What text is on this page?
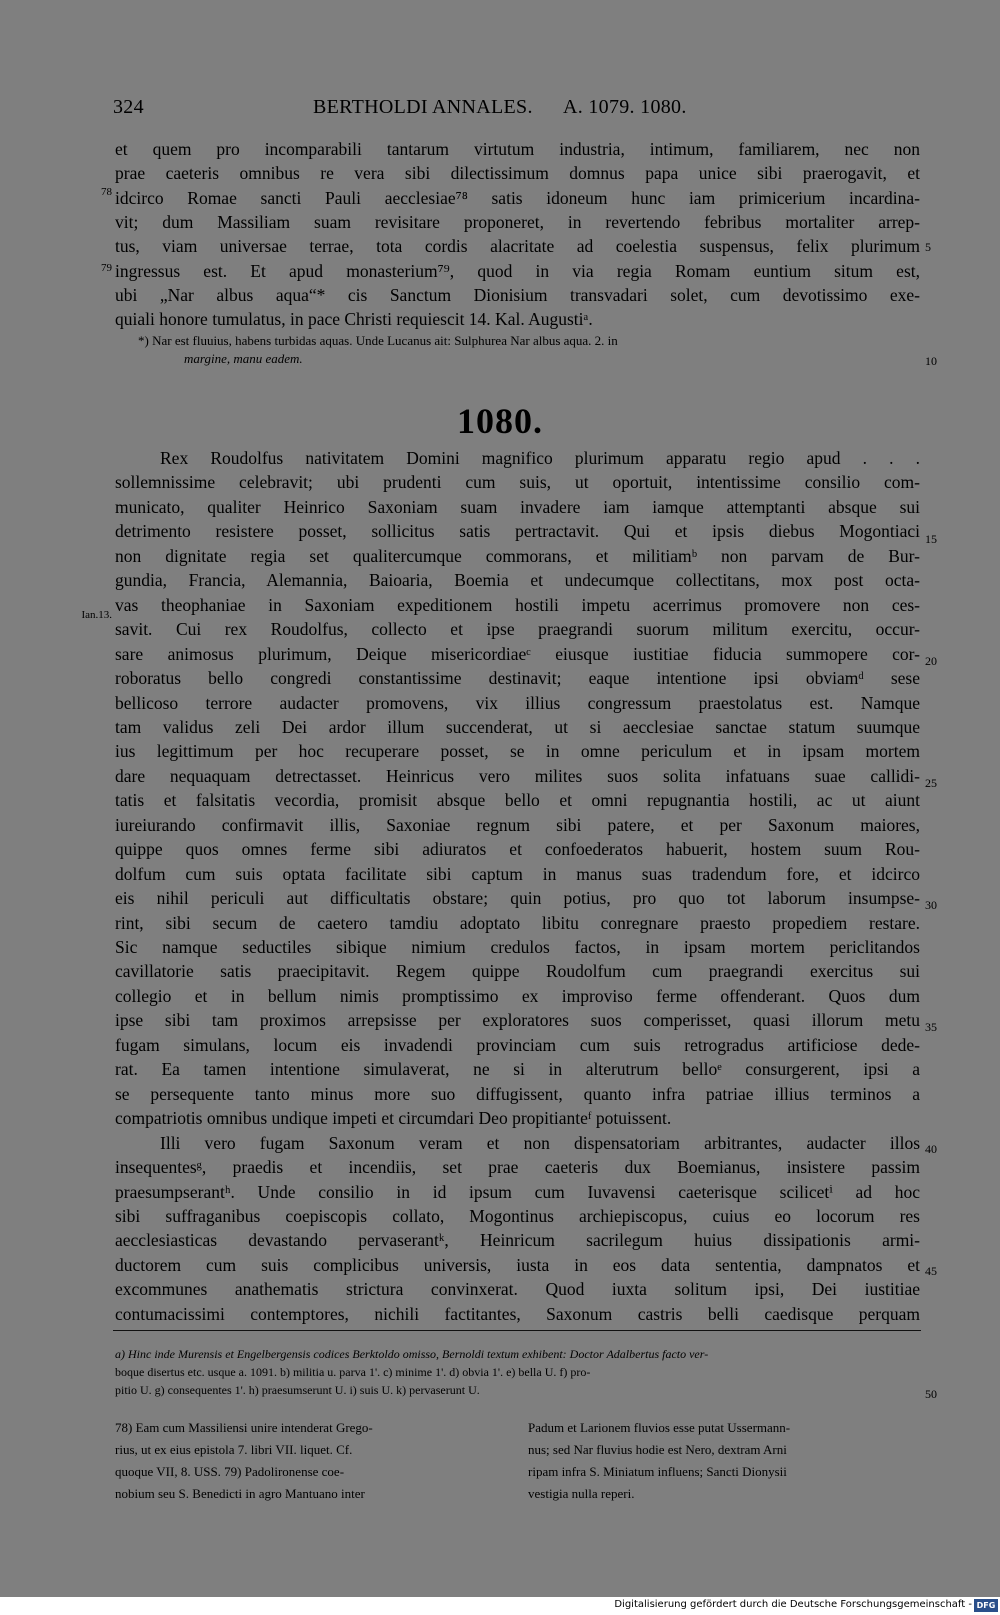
324	BERTHOLDI ANNALES. A. 1079. 1080.
et quem pro incomparabili tantarum virtutum industria, intimum, familiarem, nec non
prae caeteris omnibus re vera sibi dilectissimum domnus papa unice sibi praerogavit, et
idcirco Romae sancti Pauli aecclesiae⁷⁸ satis idoneum hunc iam primicerium incardina-
vit; dum Massiliam suam revisitare proponeret, in revertendo febribus mortaliter arrep-
tus, viam universae terrae, tota cordis alacritate ad coelestia suspensus, felix plurimum
ingressus est. Et apud monasterium⁷⁹, quod in via regia Romam euntium situm est,
ubi „Nar albus aqua“* cis Sanctum Dionisium transvadari solet, cum devotissimo exe-
quiali honore tumulatus, in pace Christi requiescit 14. Kal. Augustiᵃ.
78
79
5
*) Nar est fluuius, habens turbidas aquas. Unde Lucanus ait: Sulphurea Nar albus aqua. 2. in
margine, manu eadem.	10
1080.
Rex Roudolfus nativitatem Domini magnifico plurimum apparatu regio apud . . .
sollemnissime celebravit; ubi prudenti cum suis, ut oportuit, intentissime consilio com-
municato, qualiter Heinrico Saxoniam suam invadere iam iamque attemptanti absque sui
detrimento resistere posset, sollicitus satis pertractavit. Qui et ipsis diebus Mogontiaci
non dignitate regia set qualitercumque commorans, et militiamᵇ non parvam de Bur-
gundia, Francia, Alemannia, Baioaria, Boemia et undecumque collectitans, mox post octa-
vas theophaniae in Saxoniam expeditionem hostili impetu acerrimus promovere non ces-
savit. Cui rex Roudolfus, collecto et ipse praegrandi suorum militum exercitu, occur-
sare animosus plurimum, Deique misericordiaeᶜ eiusque iustitiae fiducia summopere cor-
roboratus bello congredi constantissime destinavit; eaque intentione ipsi obviamᵈ sese
bellicoso terrore audacter promovens, vix illius congressum praestolatus est. Namque
tam validus zeli Dei ardor illum succenderat, ut si aecclesiae sanctae statum suumque
ius legittimum per hoc recuperare posset, se in omne periculum et in ipsam mortem
dare nequaquam detrectasset. Heinricus vero milites suos solita infatuans suae callidi-
tatis et falsitatis vecordia, promisit absque bello et omni repugnantia hostili, ac ut aiunt
iureiurando confirmavit illis, Saxoniae regnum sibi patere, et per Saxonum maiores,
quippe quos omnes ferme sibi adiuratos et confoederatos habuerit, hostem suum Rou-
dolfum cum suis optata facilitate sibi captum in manus suas tradendum fore, et idcirco
eis nihil periculi aut difficultatis obstare; quin potius, pro quo tot laborum insumpse-
rint, sibi secum de caetero tamdiu adoptato libitu conregnare praesto propediem restare.
Sic namque seductiles sibique nimium credulos factos, in ipsam mortem periclitandos
cavillatorie satis praecipitavit. Regem quippe Roudolfum cum praegrandi exercitus sui
collegio et in bellum nimis promptissimo ex improviso ferme offenderant. Quos dum
ipse sibi tam proximos arrepsisse per exploratores suos comperisset, quasi illorum metu
fugam simulans, locum eis invadendi provinciam cum suis retrogradus artificiose dede-
rat. Ea tamen intentione simulaverat, ne si in alterutrum belloᵉ consurgerent, ipsi a
se persequente tanto minus more suo diffugissent, quanto infra patriae illius terminos a
compatriotis omnibus undique impeti et circumdari Deo propitianteᶠ potuissent.
Illi vero fugam Saxonum veram et non dispensatoriam arbitrantes, audacter illos
insequentesᵍ, praedis et incendiis, set prae caeteris dux Boemianus, insistere passim
praesumpserantʰ. Unde consilio in id ipsum cum Iuvavensi caeterisque scilicetⁱ ad hoc
sibi suffraganibus coepiscopis collato, Mogontinus archiepiscopus, cuius eo locorum res
aecclesiasticas devastando pervaserantᵏ, Heinricum sacrilegum huius dissipationis armi-
ductorem cum suis complicibus universis, iusta in eos data sententia, dampnatos et
excommunes anathematis strictura convinxerat. Quod iuxta solitum ipsi, Dei iustitiae
contumacissimi contemptores, nichili factitantes, Saxonum castris belli caedisque perquam
Ian.13.
15
20
25
30
35
40
45
a) Hinc inde Murensis et Engelbergensis codices Berktoldo omisso, Bernoldi textum exhibent: Doctor Adalbertus facto ver-
boque disertus etc. usque a. 1091. b) militia u. parva 1'. c) minime 1'. d) obvia 1'. e) bella U. f) pro-
pitio U. g) consequentes 1'. h) praesumserunt U. i) suis U. k) pervaserunt U.	50
78) Eam cum Massiliensi unire intenderat Grego-
rius, ut ex eius epistola 7. libri VII. liquet. Cf.
quoque VII, 8. USS. 79) Padolironense coe-
nobium seu S. Benedicti in agro Mantuano inter
Padum et Larionem fluvios esse putat Ussermann-
nus; sed Nar fluvius hodie est Nero, dextram Arni
ripam infra S. Miniatum influens; Sancti Dionysii
vestigia nulla reperi.
Digitalisierung gefördert durch die Deutsche Forschungsgemeinschaft - DFG
